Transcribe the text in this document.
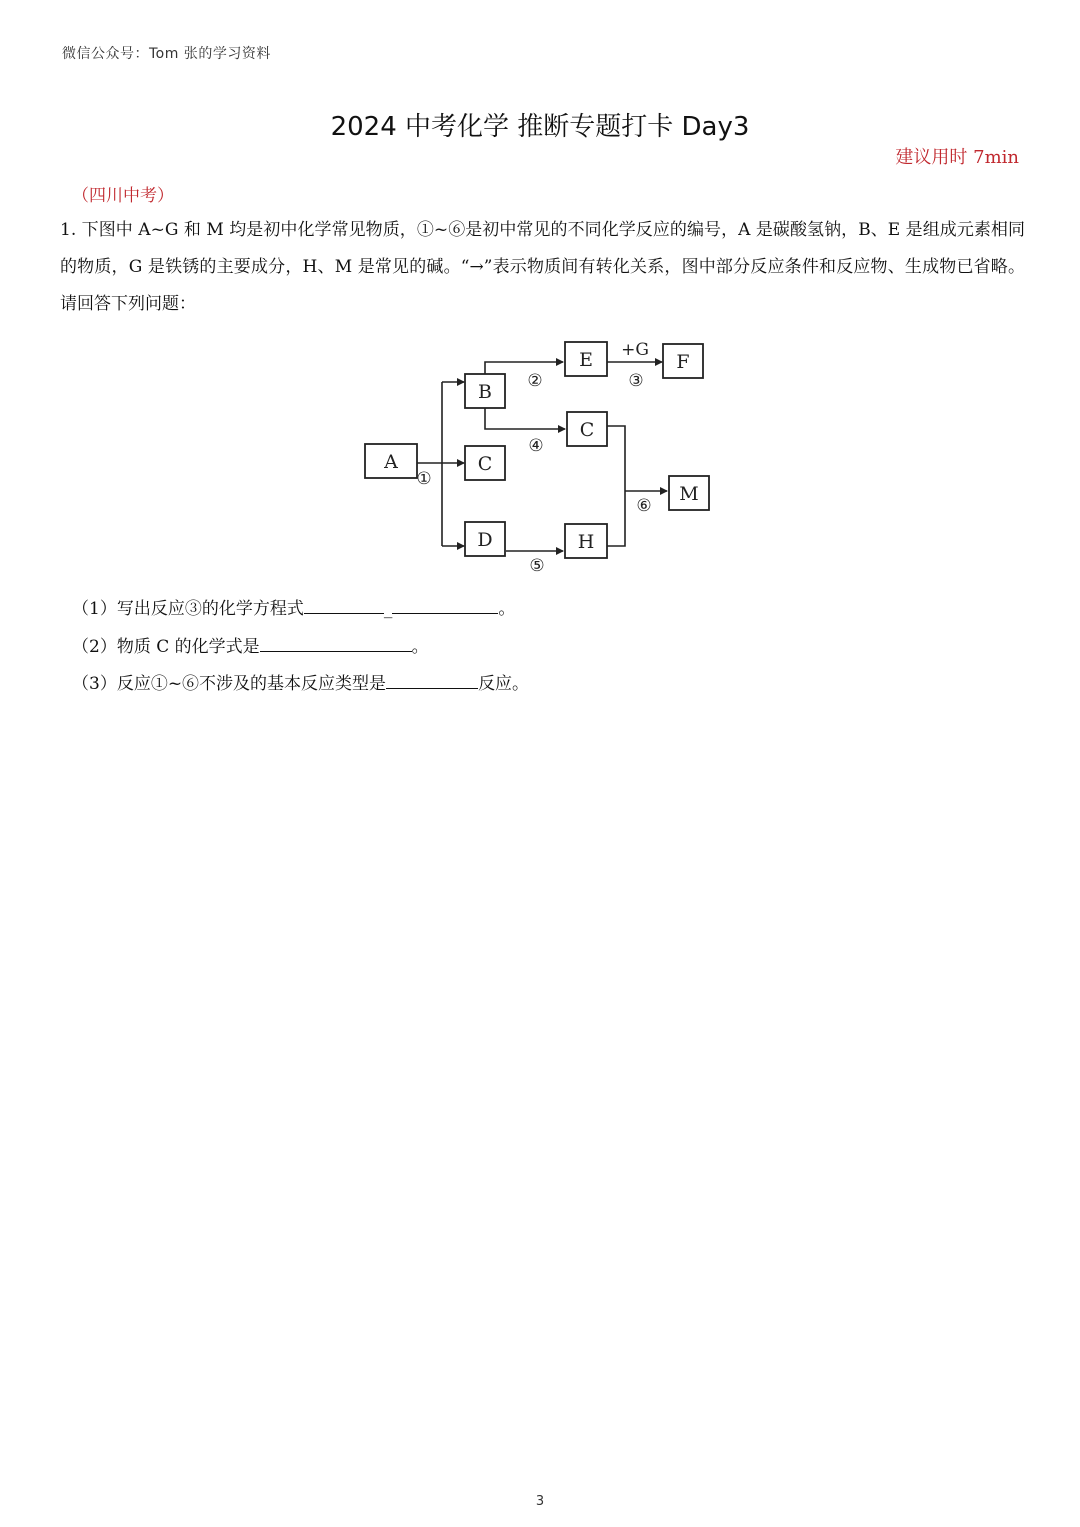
微信公众号：Tom 张的学习资料
2024 中考化学 推断专题打卡 Day3
建议用时 7min
（四川中考）
1. 下图中 A~G 和 M 均是初中化学常见物质，①~⑥是初中常见的不同化学反应的编号，A 是碳酸氢钠，B、E 是组成元素相同的物质，G 是铁锈的主要成分，H、M 是常见的碱。“→”表示物质间有转化关系，图中部分反应条件和反应物、生成物已省略。请回答下列问题：
A
B
C
D
E
C
F
H
M
①
②	③
④
⑤
⑥
+G
（1）写出反应③的化学方程式	_	。
（2）物质 C 的化学式是	。
（3）反应①~⑥不涉及的基本反应类型是	反应。
3
